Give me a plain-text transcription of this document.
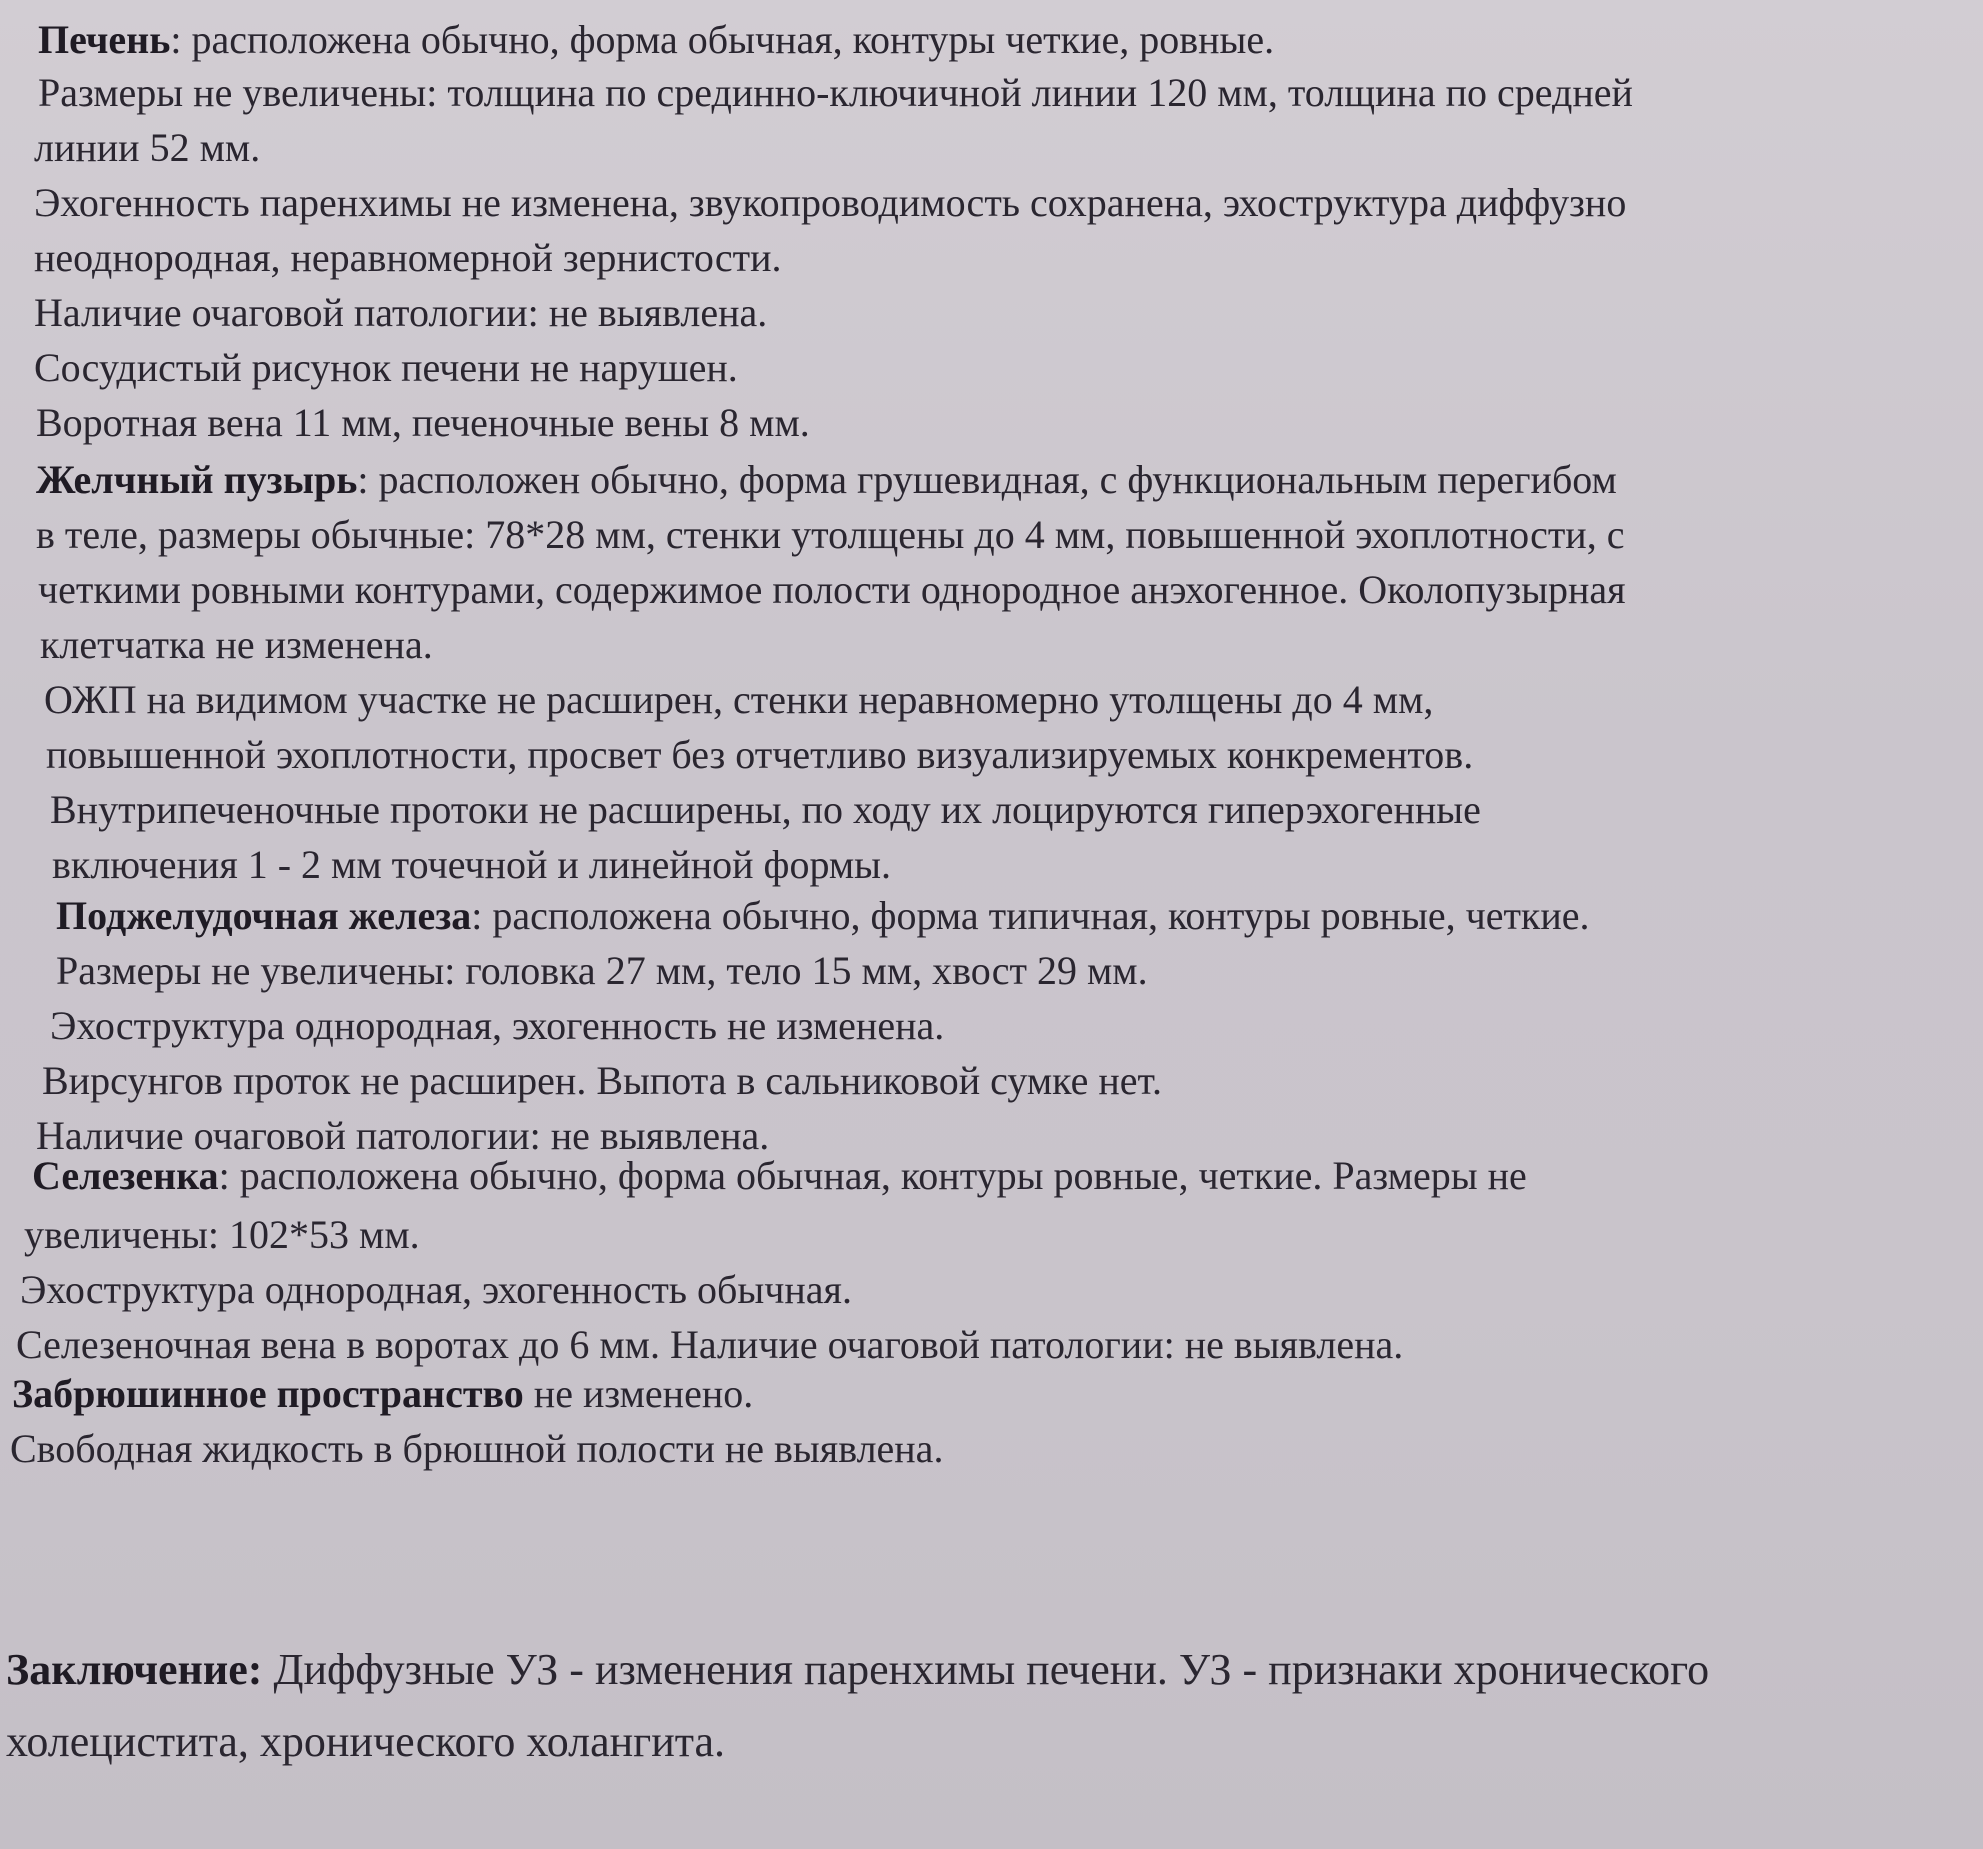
Печень: расположена обычно, форма обычная, контуры четкие, ровные.
Размеры не увеличены: толщина по срединно-ключичной линии 120 мм, толщина по средней
линии 52 мм.
Эхогенность паренхимы не изменена, звукопроводимость сохранена, эхоструктура диффузно
неоднородная, неравномерной зернистости.
Наличие очаговой патологии: не выявлена.
Сосудистый рисунок печени не нарушен.
Воротная вена 11 мм, печеночные вены 8 мм.
Желчный пузырь: расположен обычно, форма грушевидная, с функциональным перегибом
в теле, размеры обычные: 78*28 мм, стенки утолщены до 4 мм, повышенной эхоплотности, с
четкими ровными контурами, содержимое полости однородное анэхогенное. Околопузырная
клетчатка не изменена.
ОЖП на видимом участке не расширен, стенки неравномерно утолщены до 4 мм,
повышенной эхоплотности, просвет без отчетливо визуализируемых конкрементов.
Внутрипеченочные протоки не расширены, по ходу их лоцируются гиперэхогенные
включения 1 - 2 мм точечной и линейной формы.
Поджелудочная железа: расположена обычно, форма типичная, контуры ровные, четкие.
Размеры не увеличены: головка 27 мм, тело 15 мм, хвост 29 мм.
Эхоструктура однородная, эхогенность не изменена.
Вирсунгов проток не расширен. Выпота в сальниковой сумке нет.
Наличие очаговой патологии: не выявлена.
Селезенка: расположена обычно, форма обычная, контуры ровные, четкие. Размеры не
увеличены: 102*53 мм.
Эхоструктура однородная, эхогенность обычная.
Селезеночная вена в воротах до 6 мм. Наличие очаговой патологии: не выявлена.
Забрюшинное пространство не изменено.
Свободная жидкость в брюшной полости не выявлена.
Заключение: Диффузные УЗ - изменения паренхимы печени. УЗ - признаки хронического
холецистита, хронического холангита.
